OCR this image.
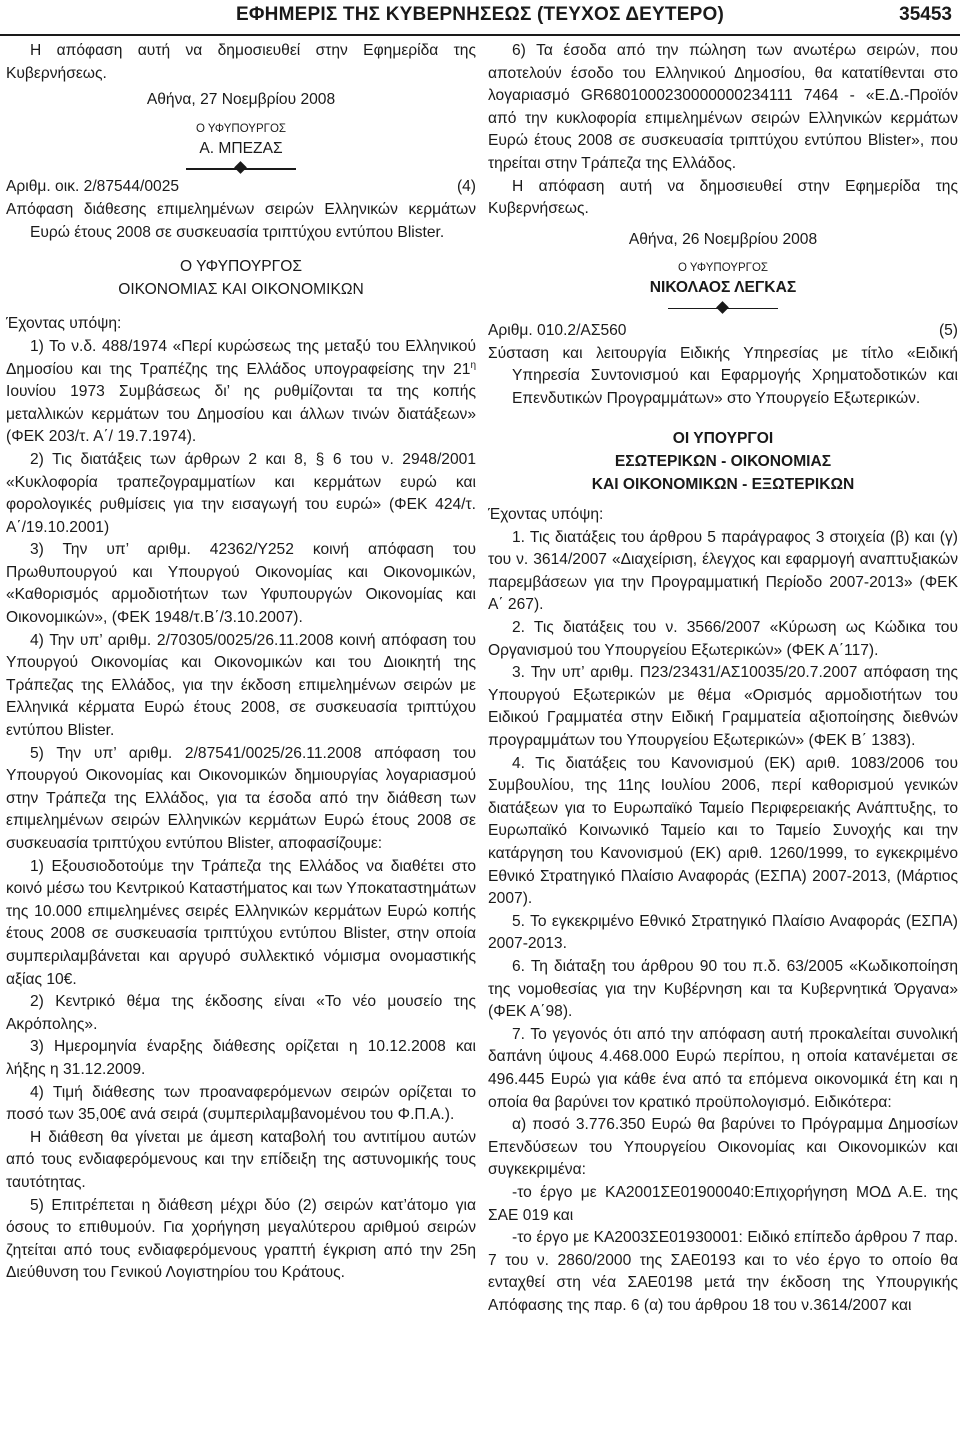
ΕΦΗΜΕΡΙΣ ΤΗΣ ΚΥΒΕΡΝΗΣΕΩΣ (ΤΕΥΧΟΣ ΔΕΥΤΕΡΟ)	35453

Η απόφαση αυτή να δημοσιευθεί στην Εφημερίδα της Κυβερνήσεως.

Αθήνα, 27 Νοεμβρίου 2008

Ο ΥΦΥΠΟΥΡΓΟΣ

Α. ΜΠΕΖΑΣ

Αριθμ. οικ. 2/87544/0025	(4)

Απόφαση διάθεσης επιμελημένων σειρών Ελληνικών κερμάτων Ευρώ έτους 2008 σε συσκευασία τριπτύχου εντύπου Blister.

Ο ΥΦΥΠΟΥΡΓΟΣ

ΟΙΚΟΝΟΜΙΑΣ ΚΑΙ ΟΙΚΟΝΟΜΙΚΩΝ

Έχοντας υπόψη:

1) Το ν.δ. 488/1974 «Περί κυρώσεως της μεταξύ του Ελληνικού Δημοσίου και της Τραπέζης της Ελλάδος υπογραφείσης την $21^\eta$ Ιουνίου 1973 Συμβάσεως δι’ ης ρυθμίζονται τα της κοπής μεταλλικών κερμάτων του Δημοσίου και άλλων τινών διατάξεων» (ΦΕΚ 203/τ. Α΄/ 19.7.1974).

2) Τις διατάξεις των άρθρων 2 και 8, § 6 του ν. 2948/2001 «Κυκλοφορία τραπεζογραμματίων και κερμάτων ευρώ και φορολογικές ρυθμίσεις για την εισαγωγή του ευρώ» (ΦΕΚ 424/τ. Α΄/19.10.2001)

3) Την υπ’ αριθμ. 42362/Υ252 κοινή απόφαση του Πρωθυπουργού και Υπουργού Οικονομίας και Οικονομικών, «Καθορισμός αρμοδιοτήτων των Υφυπουργών Οικονομίας και Οικονομικών», (ΦΕΚ 1948/τ.Β΄/3.10.2007).

4) Την υπ’ αριθμ. 2/70305/0025/26.11.2008 κοινή απόφαση του Υπουργού Οικονομίας και Οικονομικών και του Διοικητή της Τράπεζας της Ελλάδος, για την έκδοση επιμελημένων σειρών με Ελληνικά κέρματα Ευρώ έτους 2008, σε συσκευασία τριπτύχου εντύπου Blister.

5) Την υπ’ αριθμ. 2/87541/0025/26.11.2008 απόφαση του Υπουργού Οικονομίας και Οικονομικών δημιουργίας λογαριασμού στην Τράπεζα της Ελλάδος, για τα έσοδα από την διάθεση των επιμελημένων σειρών Ελληνικών κερμάτων Ευρώ έτους 2008 σε συσκευασία τριπτύχου εντύπου Blister, αποφασίζουμε:

1) Εξουσιοδοτούμε την Τράπεζα της Ελλάδος να διαθέτει στο κοινό μέσω του Κεντρικού Καταστήματος και των Υποκαταστημάτων της 10.000 επιμελημένες σειρές Ελληνικών κερμάτων Ευρώ κοπής έτους 2008 σε συσκευασία τριπτύχου εντύπου Blister, στην οποία συμπεριλαμβάνεται και αργυρό συλλεκτικό νόμισμα ονομαστικής αξίας 10€.

2) Κεντρικό θέμα της έκδοσης είναι «Το νέο μουσείο της Ακρόπολης».

3) Ημερομηνία έναρξης διάθεσης ορίζεται η 10.12.2008 και λήξης η 31.12.2009.

4) Τιμή διάθεσης των προαναφερόμενων σειρών ορίζεται το ποσό των 35,00€ ανά σειρά (συμπεριλαμβανομένου του Φ.Π.Α.).

Η διάθεση θα γίνεται με άμεση καταβολή του αντιτίμου αυτών από τους ενδιαφερόμενους και την επίδειξη της αστυνομικής τους ταυτότητας.

5) Επιτρέπεται η διάθεση μέχρι δύο (2) σειρών κατ’άτομο για όσους το επιθυμούν. Για χορήγηση μεγαλύτερου αριθμού σειρών ζητείται από τους ενδιαφερόμενους γραπτή έγκριση από την 25η Διεύθυνση του Γενικού Λογιστηρίου του Κράτους.

6) Τα έσοδα από την πώληση των ανωτέρω σειρών, που αποτελούν έσοδο του Ελληνικού Δημοσίου, θα κατατίθενται στο λογαριασμό GR6801000230000000234111 7464 - «Ε.Δ.-Προϊόν από την κυκλοφορία επιμελημένων σειρών Ελληνικών κερμάτων Ευρώ έτους 2008 σε συσκευασία τριπτύχου εντύπου Blister», που τηρείται στην Τράπεζα της Ελλάδος.

Η απόφαση αυτή να δημοσιευθεί στην Εφημερίδα της Κυβερνήσεως.

Αθήνα, 26 Νοεμβρίου 2008

Ο ΥΦΥΠΟΥΡΓΟΣ

ΝΙΚΟΛΑΟΣ ΛΕΓΚΑΣ

Αριθμ. 010.2/ΑΣ560	(5)

Σύσταση και λειτουργία Ειδικής Υπηρεσίας με τίτλο «Ειδική Υπηρεσία Συντονισμού και Εφαρμογής Χρηματοδοτικών και Επενδυτικών Προγραμμάτων» στο Υπουργείο Εξωτερικών.

ΟΙ ΥΠΟΥΡΓΟΙ

ΕΣΩΤΕΡΙΚΩΝ - ΟΙΚΟΝΟΜΙΑΣ

ΚΑΙ ΟΙΚΟΝΟΜΙΚΩΝ - ΕΞΩΤΕΡΙΚΩΝ

Έχοντας υπόψη:

1. Τις διατάξεις του άρθρου 5 παράγραφος 3 στοιχεία (β) και (γ) του ν. 3614/2007 «Διαχείριση, έλεγχος και εφαρμογή αναπτυξιακών παρεμβάσεων για την Προγραμματική Περίοδο 2007-2013» (ΦΕΚ Α΄ 267).

2. Τις διατάξεις του ν. 3566/2007 «Κύρωση ως Κώδικα του Οργανισμού του Υπουργείου Εξωτερικών» (ΦΕΚ Α΄117).

3. Την υπ’ αριθμ. Π23/23431/ΑΣ10035/20.7.2007 απόφαση της Υπουργού Εξωτερικών με θέμα «Ορισμός αρμοδιοτήτων του Ειδικού Γραμματέα στην Ειδική Γραμματεία αξιοποίησης διεθνών προγραμμάτων του Υπουργείου Εξωτερικών» (ΦΕΚ Β΄ 1383).

4. Τις διατάξεις του Κανονισμού (ΕΚ) αριθ. 1083/2006 του Συμβουλίου, της 11ης Ιουλίου 2006, περί καθορισμού γενικών διατάξεων για το Ευρωπαϊκό Ταμείο Περιφερειακής Ανάπτυξης, το Ευρωπαϊκό Κοινωνικό Ταμείο και το Ταμείο Συνοχής και την κατάργηση του Κανονισμού (ΕΚ) αριθ. 1260/1999, το εγκεκριμένο Εθνικό Στρατηγικό Πλαίσιο Αναφοράς (ΕΣΠΑ) 2007-2013, (Μάρτιος 2007).

5. Το εγκεκριμένο Εθνικό Στρατηγικό Πλαίσιο Αναφοράς (ΕΣΠΑ) 2007-2013.

6. Τη διάταξη του άρθρου 90 του π.δ. 63/2005 «Κωδικοποίηση της νομοθεσίας για την Κυβέρνηση και τα Κυβερνητικά Όργανα» (ΦΕΚ Α΄98).

7. Το γεγονός ότι από την απόφαση αυτή προκαλείται συνολική δαπάνη ύψους 4.468.000 Ευρώ περίπου, η οποία κατανέμεται σε 496.445 Ευρώ για κάθε ένα από τα επόμενα οικονομικά έτη και η οποία θα βαρύνει τον κρατικό προϋπολογισμό. Ειδικότερα:

α) ποσό 3.776.350 Ευρώ θα βαρύνει το Πρόγραμμα Δημοσίων Επενδύσεων του Υπουργείου Οικονομίας και Οικονομικών και συγκεκριμένα:

-το έργο με ΚΑ2001ΣΕ01900040:Επιχορήγηση ΜΟΔ Α.Ε. της ΣΑΕ 019 και

-το έργο με ΚΑ2003ΣΕ01930001: Ειδικό επίπεδο άρθρου 7 παρ. 7 του ν. 2860/2000 της ΣΑΕ0193 και το νέο έργο το οποίο θα ενταχθεί στη νέα ΣΑΕ0198 μετά την έκδοση της Υπουργικής Απόφασης της παρ. 6 (α) του άρθρου 18 του ν.3614/2007 και
